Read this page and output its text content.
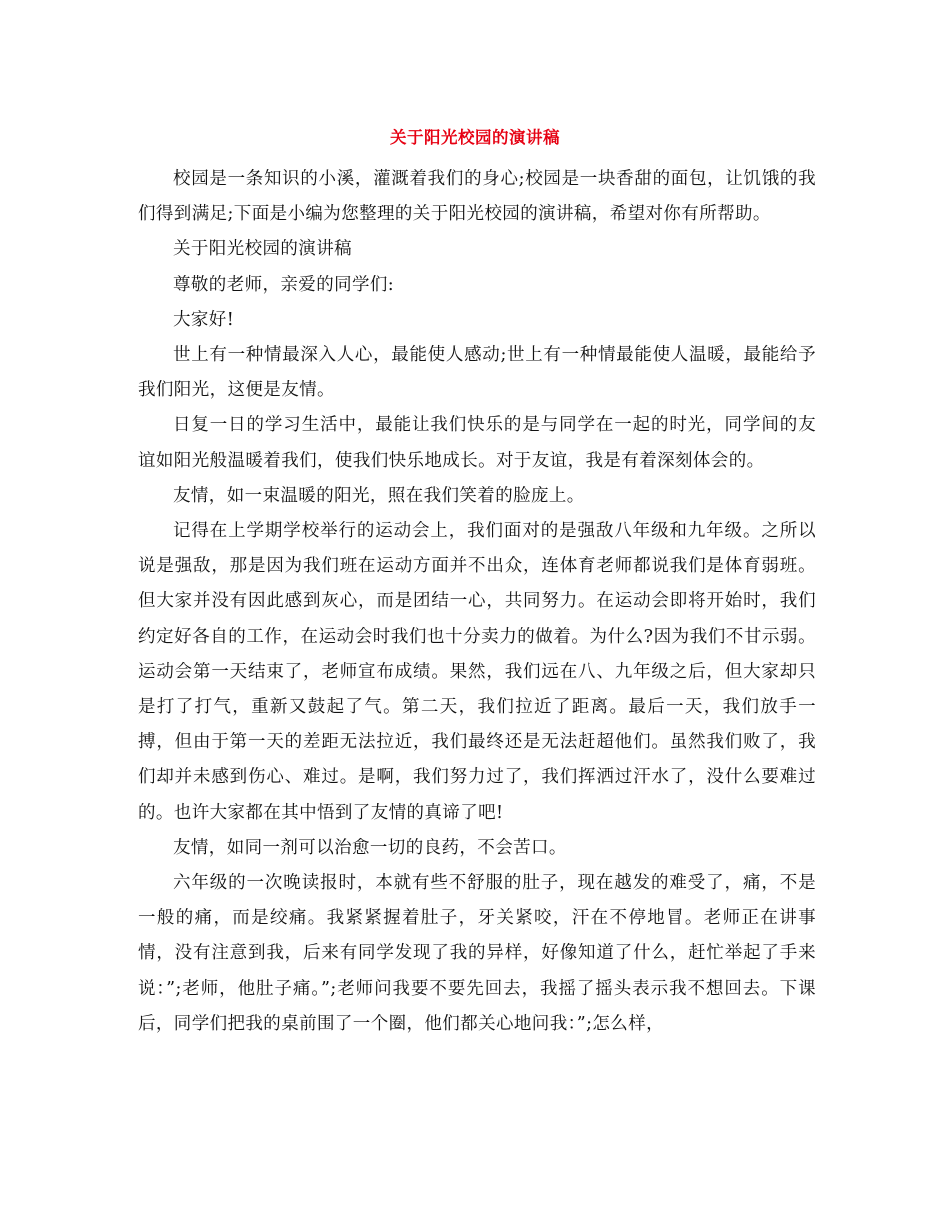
关于阳光校园的演讲稿

校园是一条知识的小溪，灌溉着我们的身心;校园是一块香甜的面包，让饥饿的我们得到满足;下面是小编为您整理的关于阳光校园的演讲稿，希望对你有所帮助。

关于阳光校园的演讲稿

尊敬的老师，亲爱的同学们:

大家好!

世上有一种情最深入人心，最能使人感动;世上有一种情最能使人温暖，最能给予我们阳光，这便是友情。

日复一日的学习生活中，最能让我们快乐的是与同学在一起的时光，同学间的友谊如阳光般温暖着我们，使我们快乐地成长。对于友谊，我是有着深刻体会的。

友情，如一束温暖的阳光，照在我们笑着的脸庞上。

记得在上学期学校举行的运动会上，我们面对的是强敌八年级和九年级。之所以说是强敌，那是因为我们班在运动方面并不出众，连体育老师都说我们是体育弱班。但大家并没有因此感到灰心，而是团结一心，共同努力。在运动会即将开始时，我们约定好各自的工作，在运动会时我们也十分卖力的做着。为什么?因为我们不甘示弱。运动会第一天结束了，老师宣布成绩。果然，我们远在八、九年级之后，但大家却只是打了打气，重新又鼓起了气。第二天，我们拉近了距离。最后一天，我们放手一搏，但由于第一天的差距无法拉近，我们最终还是无法赶超他们。虽然我们败了，我们却并未感到伤心、难过。是啊，我们努力过了，我们挥洒过汗水了，没什么要难过的。也许大家都在其中悟到了友情的真谛了吧!

友情，如同一剂可以治愈一切的良药，不会苦口。

六年级的一次晚读报时，本就有些不舒服的肚子，现在越发的难受了，痛，不是一般的痛，而是绞痛。我紧紧握着肚子，牙关紧咬，汗在不停地冒。老师正在讲事情，没有注意到我，后来有同学发现了我的异样，好像知道了什么，赶忙举起了手来说：”;老师，他肚子痛。”;老师问我要不要先回去，我摇了摇头表示我不想回去。下课后，同学们把我的桌前围了一个圈，他们都关心地问我：”;怎么样，
